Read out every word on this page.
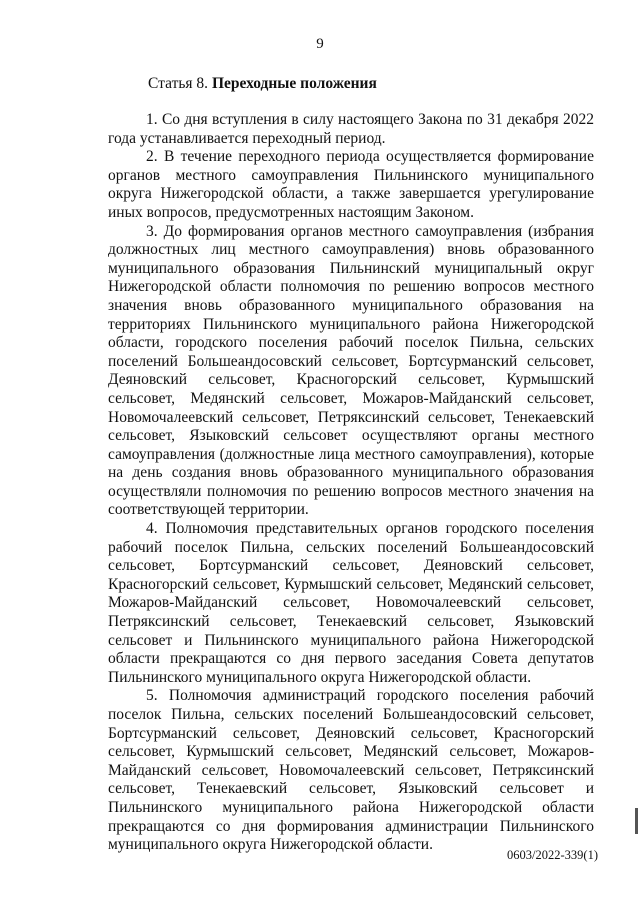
9
Статья 8. Переходные положения

1. Со дня вступления в силу настоящего Закона по 31 декабря 2022 года устанавливается переходный период.

2. В течение переходного периода осуществляется формирование органов местного самоуправления Пильнинского муниципального округа Нижегородской области, а также завершается урегулирование иных вопросов, предусмотренных настоящим Законом.

3. До формирования органов местного самоуправления (избрания должностных лиц местного самоуправления) вновь образованного муниципального образования Пильнинский муниципальный округ Нижегородской области полномочия по решению вопросов местного значения вновь образованного муниципального образования на территориях Пильнинского муниципального района Нижегородской области, городского поселения рабочий поселок Пильна, сельских поселений Большеандосовский сельсовет, Бортсурманский сельсовет, Деяновский сельсовет, Красногорский сельсовет, Курмышский сельсовет, Медянский сельсовет, Можаров-Майданский сельсовет, Новомочалеевский сельсовет, Петряксинский сельсовет, Тенекаевский сельсовет, Языковский сельсовет осуществляют органы местного самоуправления (должностные лица местного самоуправления), которые на день создания вновь образованного муниципального образования осуществляли полномочия по решению вопросов местного значения на соответствующей территории.

4. Полномочия представительных органов городского поселения рабочий поселок Пильна, сельских поселений Большеандосовский сельсовет, Бортсурманский сельсовет, Деяновский сельсовет, Красногорский сельсовет, Курмышский сельсовет, Медянский сельсовет, Можаров-Майданский сельсовет, Новомочалеевский сельсовет, Петряксинский сельсовет, Тенекаевский сельсовет, Языковский сельсовет и Пильнинского муниципального района Нижегородской области прекращаются со дня первого заседания Совета депутатов Пильнинского муниципального округа Нижегородской области.

5. Полномочия администраций городского поселения рабочий поселок Пильна, сельских поселений Большеандосовский сельсовет, Бортсурманский сельсовет, Деяновский сельсовет, Красногорский сельсовет, Курмышский сельсовет, Медянский сельсовет, Можаров-Майданский сельсовет, Новомочалеевский сельсовет, Петряксинский сельсовет, Тенекаевский сельсовет, Языковский сельсовет и Пильнинского муниципального района Нижегородской области прекращаются со дня формирования администрации Пильнинского муниципального округа Нижегородской области.

0603/2022-339(1)
